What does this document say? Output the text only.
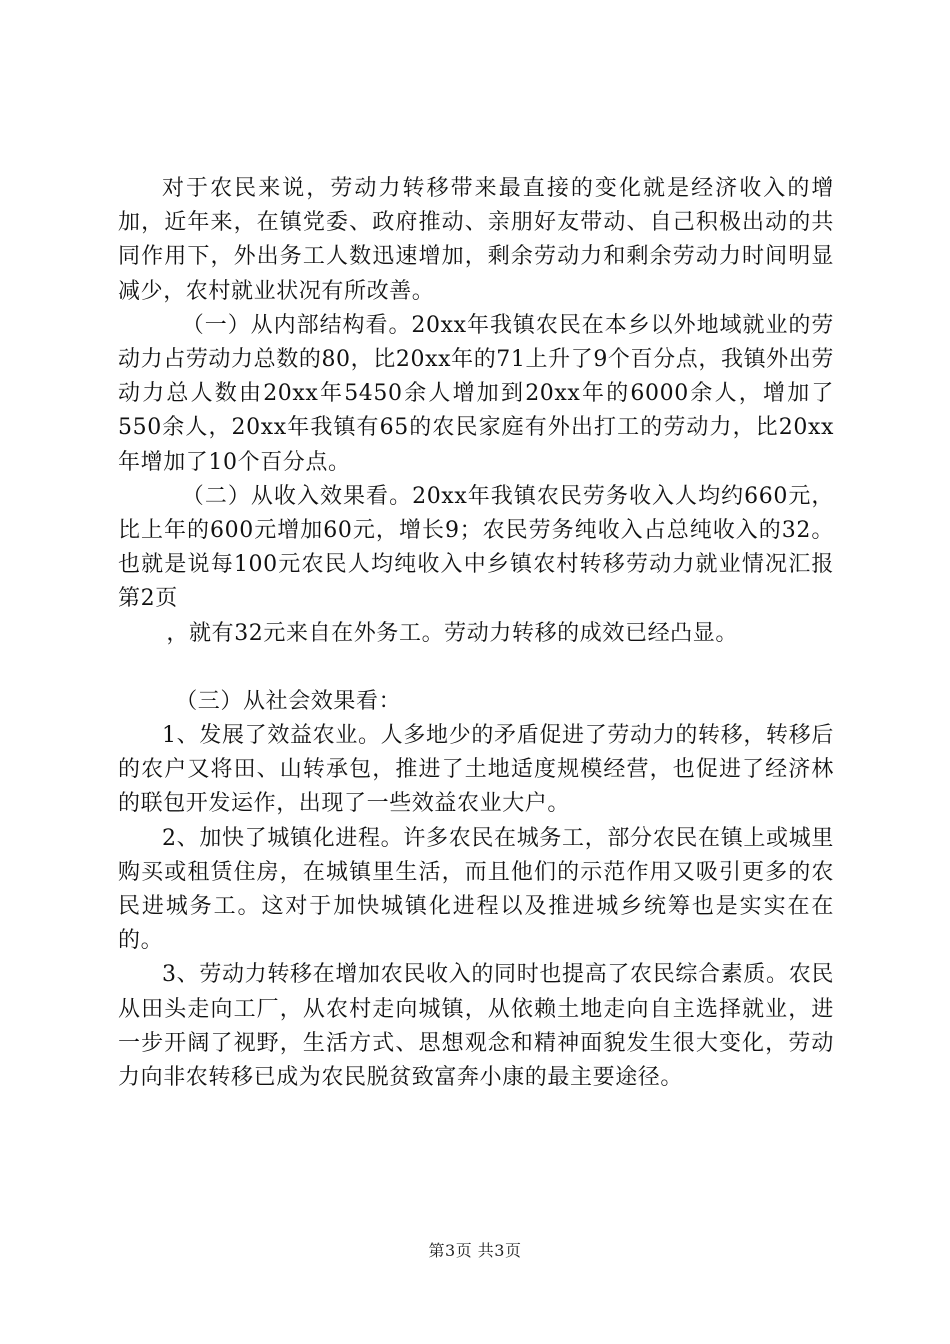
对于农民来说，劳动力转移带来最直接的变化就是经济收入的增加，近年来，在镇党委、政府推动、亲朋好友带动、自己积极出动的共同作用下，外出务工人数迅速增加，剩余劳动力和剩余劳动力时间明显减少，农村就业状况有所改善。

（一）从内部结构看。20xx年我镇农民在本乡以外地域就业的劳动力占劳动力总数的80，比20xx年的71上升了9个百分点，我镇外出劳动力总人数由20xx年5450余人增加到20xx年的6000余人，增加了550余人，20xx年我镇有65的农民家庭有外出打工的劳动力，比20xx年增加了10个百分点。

（二）从收入效果看。20xx年我镇农民劳务收入人均约660元，比上年的600元增加60元，增长9；农民劳务纯收入占总纯收入的32。也就是说每100元农民人均纯收入中乡镇农村转移劳动力就业情况汇报第2页

，就有32元来自在外务工。劳动力转移的成效已经凸显。

（三）从社会效果看：

1、发展了效益农业。人多地少的矛盾促进了劳动力的转移，转移后的农户又将田、山转承包，推进了土地适度规模经营，也促进了经济林的联包开发运作，出现了一些效益农业大户。

2、加快了城镇化进程。许多农民在城务工，部分农民在镇上或城里购买或租赁住房，在城镇里生活，而且他们的示范作用又吸引更多的农民进城务工。这对于加快城镇化进程以及推进城乡统筹也是实实在在的。

3、劳动力转移在增加农民收入的同时也提高了农民综合素质。农民从田头走向工厂，从农村走向城镇，从依赖土地走向自主选择就业，进一步开阔了视野，生活方式、思想观念和精神面貌发生很大变化，劳动力向非农转移已成为农民脱贫致富奔小康的最主要途径。

第3页 共3页
